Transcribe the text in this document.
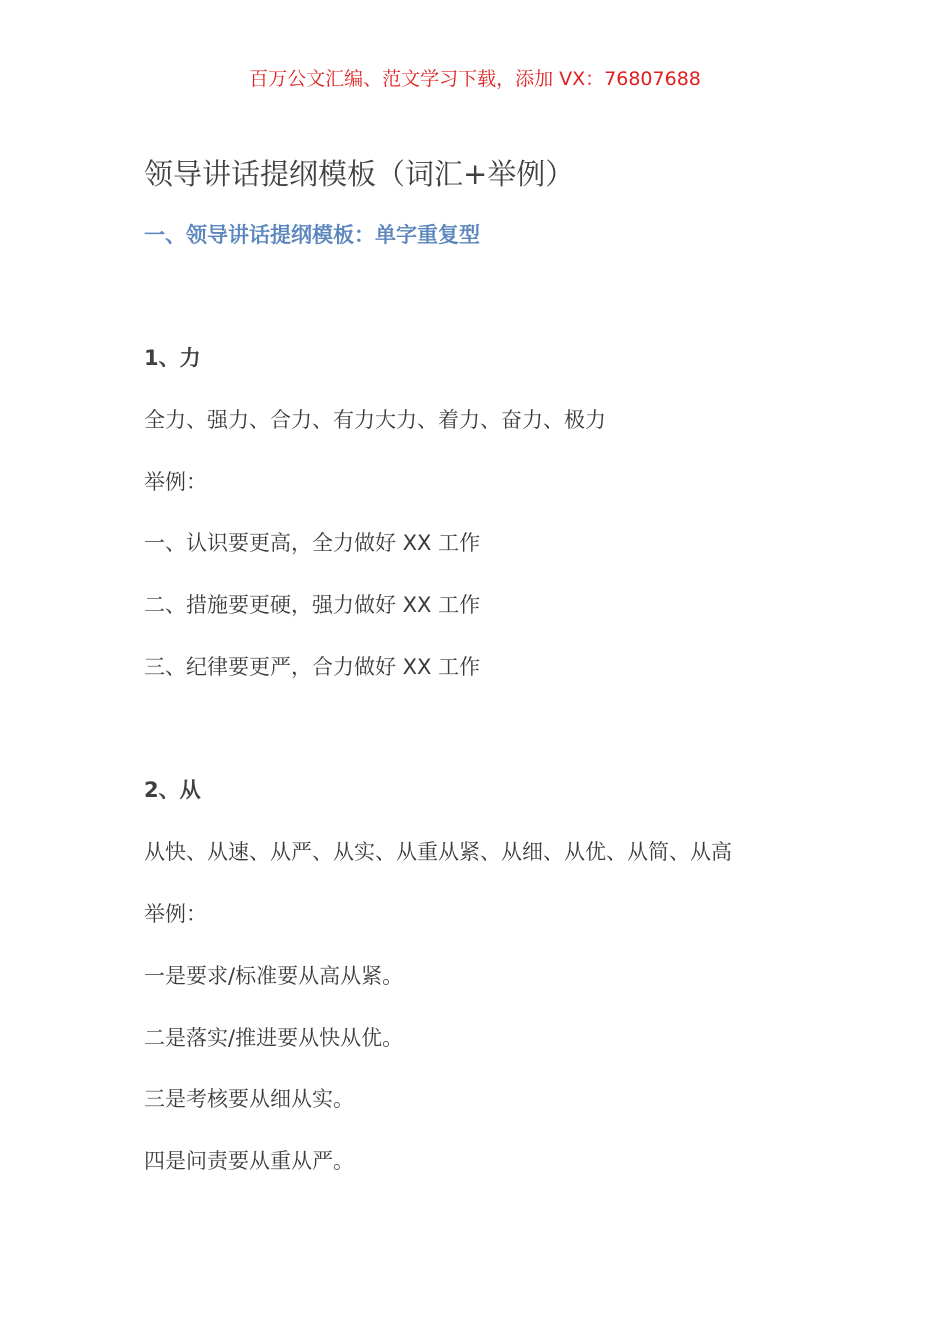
百万公文汇编、范文学习下载，添加 VX：76807688
领导讲话提纲模板（词汇+举例）
一、领导讲话提纲模板：单字重复型
1、力
全力、强力、合力、有力大力、着力、奋力、极力
举例：
一、认识要更高，全力做好 XX 工作
二、措施要更硬，强力做好 XX 工作
三、纪律要更严，合力做好 XX 工作
2、从
从快、从速、从严、从实、从重从紧、从细、从优、从简、从高
举例：
一是要求/标准要从高从紧。
二是落实/推进要从快从优。
三是考核要从细从实。
四是问责要从重从严。
